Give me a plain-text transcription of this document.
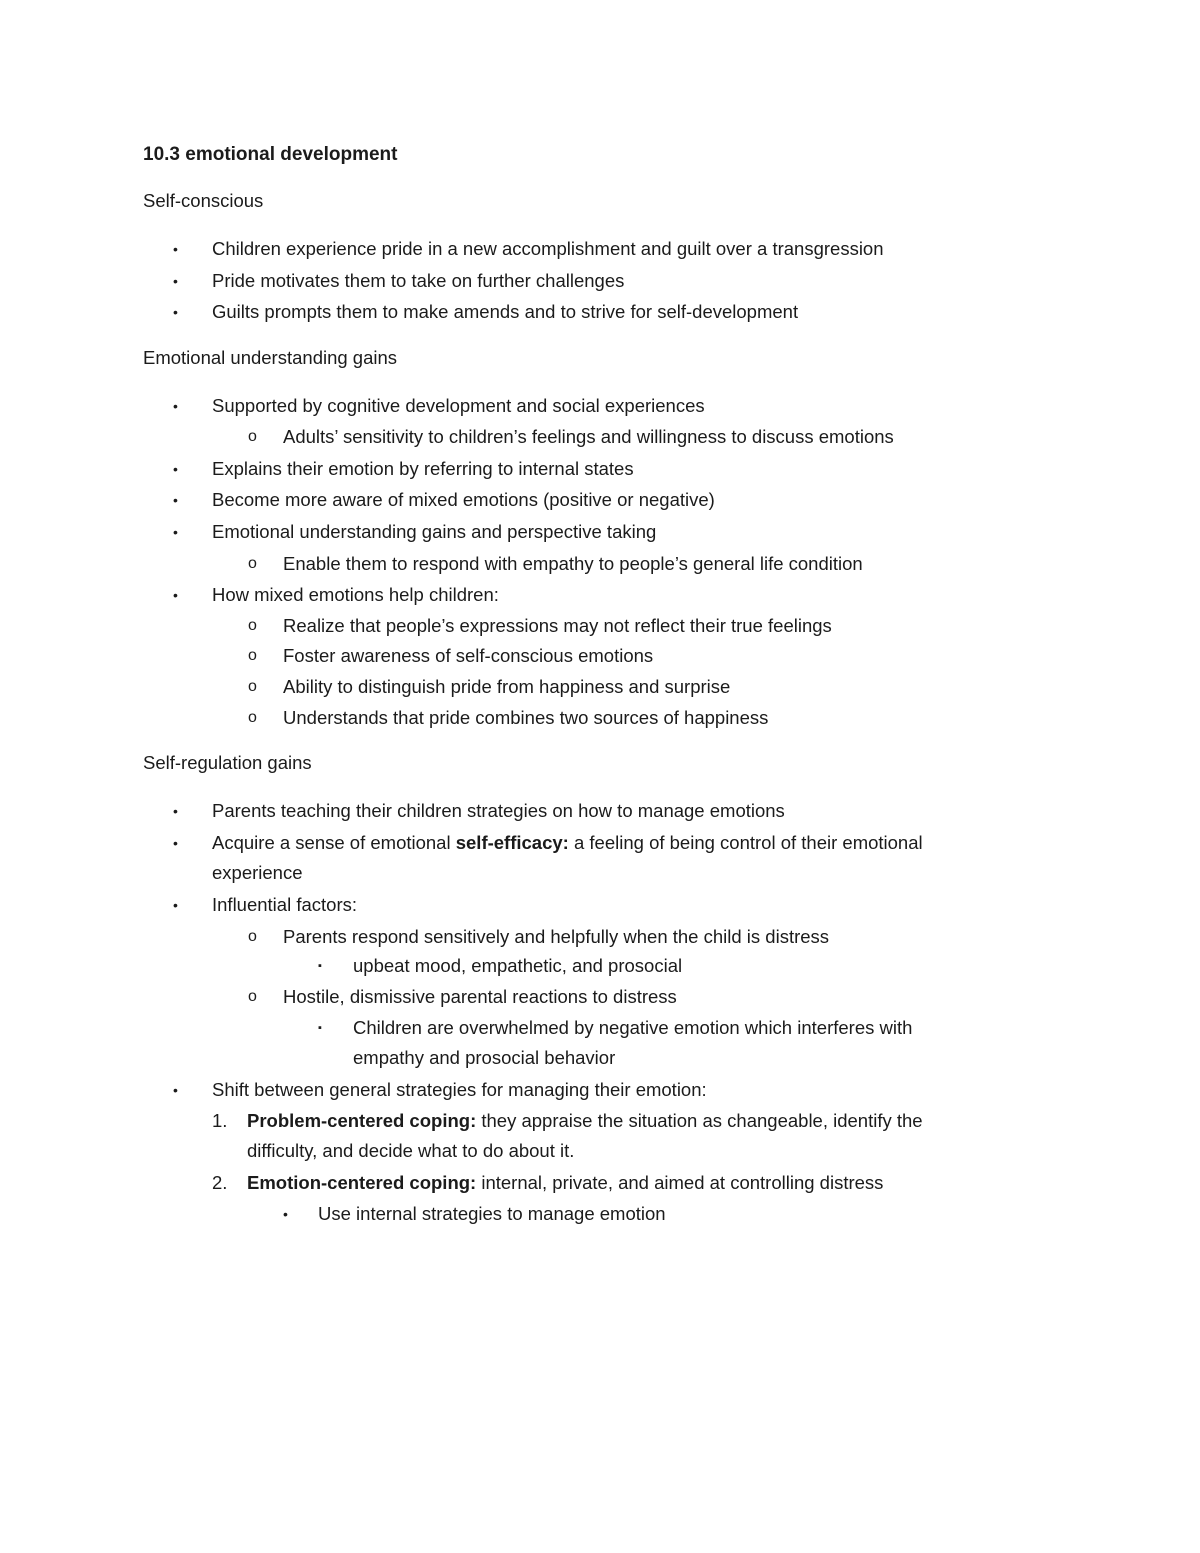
10.3 emotional development
Self-conscious
• Children experience pride in a new accomplishment and guilt over a transgression
• Pride motivates them to take on further challenges
• Guilts prompts them to make amends and to strive for self-development
Emotional understanding gains
• Supported by cognitive development and social experiences
o Adults’ sensitivity to children’s feelings and willingness to discuss emotions
• Explains their emotion by referring to internal states
• Become more aware of mixed emotions (positive or negative)
• Emotional understanding gains and perspective taking
o Enable them to respond with empathy to people’s general life condition
• How mixed emotions help children:
o Realize that people’s expressions may not reflect their true feelings
o Foster awareness of self-conscious emotions
o Ability to distinguish pride from happiness and surprise
o Understands that pride combines two sources of happiness
Self-regulation gains
• Parents teaching their children strategies on how to manage emotions
• Acquire a sense of emotional self-efficacy: a feeling of being control of their emotional
experience
• Influential factors:
o Parents respond sensitively and helpfully when the child is distress
▪ upbeat mood, empathetic, and prosocial
o Hostile, dismissive parental reactions to distress
▪ Children are overwhelmed by negative emotion which interferes with
empathy and prosocial behavior
• Shift between general strategies for managing their emotion:
1. Problem-centered coping: they appraise the situation as changeable, identify the
difficulty, and decide what to do about it.
2. Emotion-centered coping: internal, private, and aimed at controlling distress
• Use internal strategies to manage emotion
